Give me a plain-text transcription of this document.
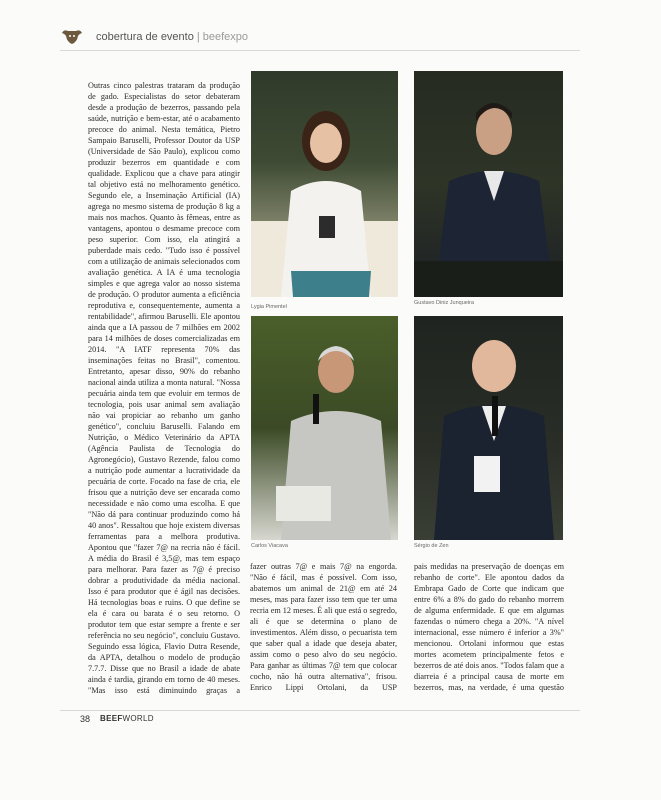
cobertura de evento | beefexpo

Outras cinco palestras trataram da produção de gado. Especialistas do setor debateram desde a produção de bezerros, passando pela saúde, nutrição e bem-estar, até o acabamento precoce do animal. Nesta temática, Pietro Sampaio Baruselli, Professor Doutor da USP (Universidade de São Paulo), explicou como produzir bezerros em quantidade e com qualidade. Explicou que a chave para atingir tal objetivo está no melhoramento genético. Segundo ele, a Inseminação Artificial (IA) agrega no mesmo sistema de produção 8 kg a mais nos machos. Quanto às fêmeas, entre as vantagens, apontou o desmame precoce com peso superior. Com isso, ela atingirá a puberdade mais cedo. "Tudo isso é possível com a utilização de animais selecionados com avaliação genética. A IA é uma tecnologia simples e que agrega valor ao nosso sistema de produção. O produtor aumenta a eficiência reprodutiva e, consequentemente, aumenta a rentabilidade", afirmou Baruselli. Ele apontou ainda que a IA passou de 7 milhões em 2002 para 14 milhões de doses comercializadas em 2014. "A IATF representa 70% das inseminações feitas no Brasil", comentou. Entretanto, apesar disso, 90% do rebanho nacional ainda utiliza a monta natural. "Nossa pecuária ainda tem que evoluir em termos de tecnologia, pois usar animal sem avaliação não vai propiciar ao rebanho um ganho genético", concluiu Baruselli. Falando em Nutrição, o Médico Veterinário da APTA (Agência Paulista de Tecnologia do Agronegócio), Gustavo Rezende, falou como a nutrição pode aumentar a lucratividade da pecuária de corte. Focado na fase de cria, ele frisou que a nutrição deve ser encarada como necessidade e não como uma escolha. E que "Não dá para continuar produzindo como há 40 anos". Ressaltou que hoje existem diversas ferramentas para a melhora produtiva. Apontou que "fazer 7@ na recria não é fácil. A média do Brasil é 3,5@, mas tem espaço para melhorar. Para fazer as 7@ é preciso dobrar a produtividade da média nacional. Isso é para produtor que é ágil nas decisões. Há tecnologias boas e ruins. O que define se ela é cara ou barata é o seu retorno. O produtor tem que estar sempre a frente e ser referência no seu negócio", concluiu Gustavo. Seguindo essa lógica, Flavio Dutra Resende, da APTA, detalhou o modelo de produção 7.7.7. Disse que no Brasil a idade de abate ainda é tardia, girando em torno de 40 meses. "Mas isso está diminuindo graças a

Lygia Pimentel
Gustavo Diniz Junqueira
Carlos Viacava	Sérgio de Zen

fazer outras 7@ e mais 7@ na engorda. "Não é fácil, mas é possível. Com isso, abatemos um animal de 21@ em até 24 meses, mas para fazer isso tem que ter uma recria em 12 meses. É ali que está o segredo, ali é que se determina o plano de investimentos. Além disso, o pecuarista tem que saber qual a idade que deseja abater, assim como o peso alvo do seu negócio. Para ganhar as últimas 7@ tem que colocar cocho, não há outra alternativa", frisou. Enrico Lippi Ortolani, da USP

pais medidas na preservação de doenças em rebanho de corte". Ele apontou dados da Embrapa Gado de Corte que indicam que entre 6% a 8% do gado do rebanho morrem de alguma enfermidade. E que em algumas fazendas o número chega a 20%. "A nível internacional, esse número é inferior a 3%" mencionou. Ortolani informou que estas mortes acometem principalmente fetos e bezerros de até dois anos. "Todos falam que a diarreia é a principal causa de morte em bezerros, mas, na verdade, é uma questão

38 BEEFWORLD
